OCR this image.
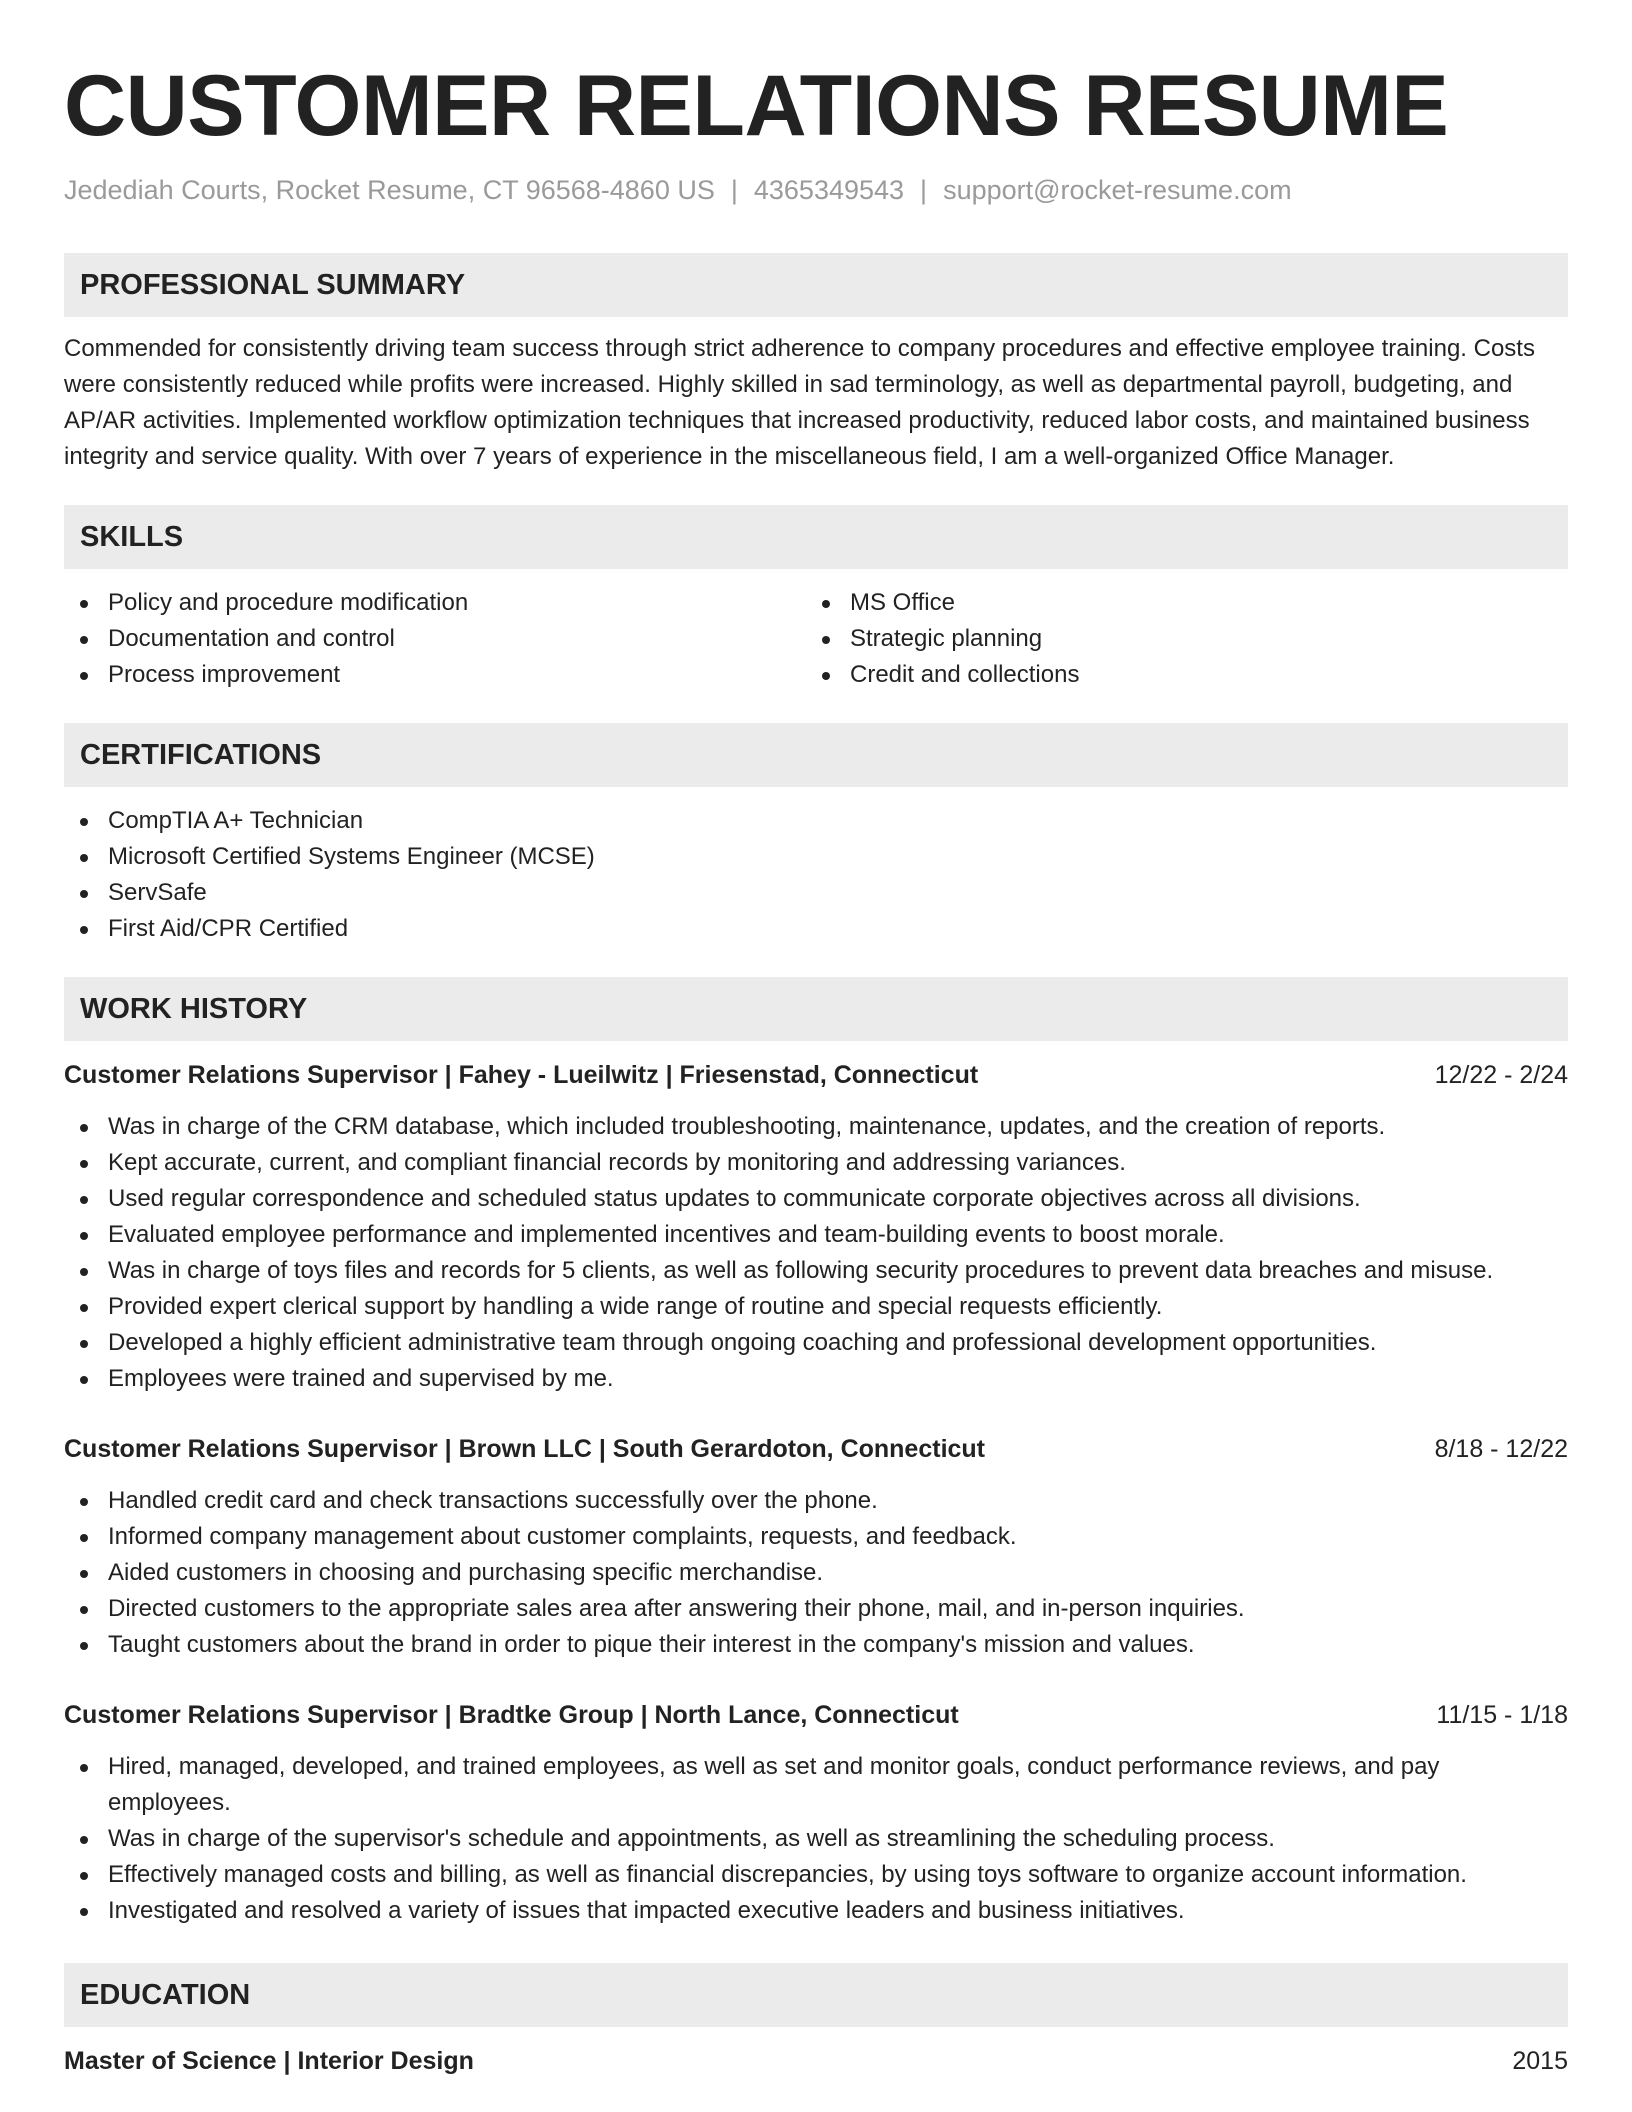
CUSTOMER RELATIONS RESUME
Jedediah Courts, Rocket Resume, CT 96568-4860 US | 4365349543 | support@rocket-resume.com
PROFESSIONAL SUMMARY

Commended for consistently driving team success through strict adherence to company procedures and effective employee training. Costs were consistently reduced while profits were increased. Highly skilled in sad terminology, as well as departmental payroll, budgeting, and AP/AR activities. Implemented workflow optimization techniques that increased productivity, reduced labor costs, and maintained business integrity and service quality. With over 7 years of experience in the miscellaneous field, I am a well-organized Office Manager.

SKILLS
Policy and procedure modification
Documentation and control
Process improvement
MS Office
Strategic planning
Credit and collections
CERTIFICATIONS
CompTIA A+ Technician
Microsoft Certified Systems Engineer (MCSE)
ServSafe
First Aid/CPR Certified
WORK HISTORY
Customer Relations Supervisor | Fahey - Lueilwitz | Friesenstad, Connecticut	12/22 - 2/24
Was in charge of the CRM database, which included troubleshooting, maintenance, updates, and the creation of reports.
Kept accurate, current, and compliant financial records by monitoring and addressing variances.
Used regular correspondence and scheduled status updates to communicate corporate objectives across all divisions.
Evaluated employee performance and implemented incentives and team-building events to boost morale.
Was in charge of toys files and records for 5 clients, as well as following security procedures to prevent data breaches and misuse.
Provided expert clerical support by handling a wide range of routine and special requests efficiently.
Developed a highly efficient administrative team through ongoing coaching and professional development opportunities.
Employees were trained and supervised by me.
Customer Relations Supervisor | Brown LLC | South Gerardoton, Connecticut	8/18 - 12/22
Handled credit card and check transactions successfully over the phone.
Informed company management about customer complaints, requests, and feedback.
Aided customers in choosing and purchasing specific merchandise.
Directed customers to the appropriate sales area after answering their phone, mail, and in-person inquiries.
Taught customers about the brand in order to pique their interest in the company's mission and values.
Customer Relations Supervisor | Bradtke Group | North Lance, Connecticut	11/15 - 1/18
Hired, managed, developed, and trained employees, as well as set and monitor goals, conduct performance reviews, and pay employees.
Was in charge of the supervisor's schedule and appointments, as well as streamlining the scheduling process.
Effectively managed costs and billing, as well as financial discrepancies, by using toys software to organize account information.
Investigated and resolved a variety of issues that impacted executive leaders and business initiatives.
EDUCATION
Master of Science | Interior Design	2015
